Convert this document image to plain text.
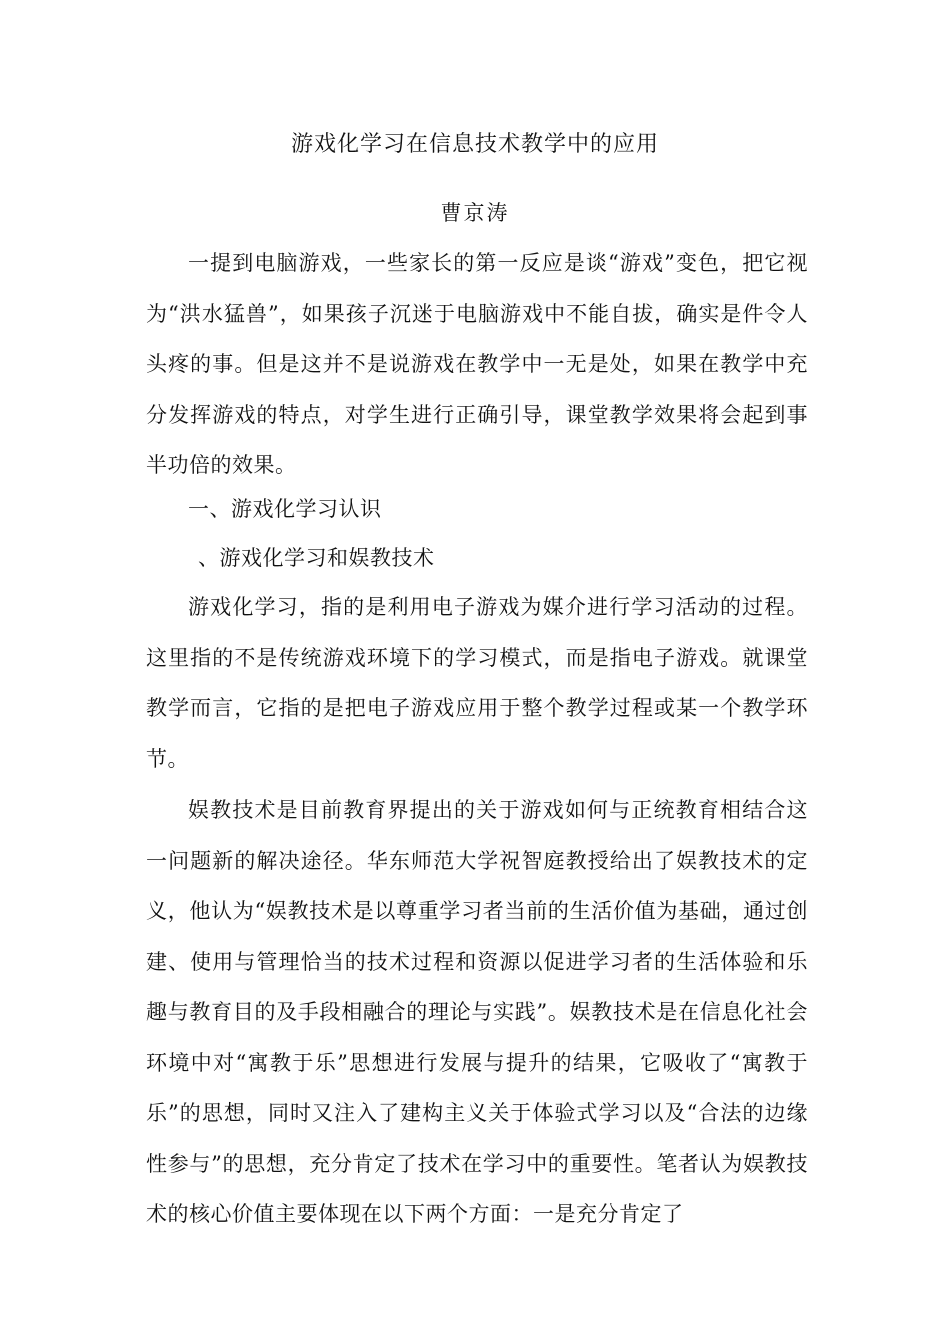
游戏化学习在信息技术教学中的应用
曹京涛

一提到电脑游戏，一些家长的第一反应是谈“游戏”变色，把它视为“洪水猛兽”，如果孩子沉迷于电脑游戏中不能自拔，确实是件令人头疼的事。但是这并不是说游戏在教学中一无是处，如果在教学中充分发挥游戏的特点，对学生进行正确引导，课堂教学效果将会起到事半功倍的效果。

一、游戏化学习认识
、游戏化学习和娱教技术

游戏化学习，指的是利用电子游戏为媒介进行学习活动的过程。这里指的不是传统游戏环境下的学习模式，而是指电子游戏。就课堂教学而言，它指的是把电子游戏应用于整个教学过程或某一个教学环节。

娱教技术是目前教育界提出的关于游戏如何与正统教育相结合这一问题新的解决途径。华东师范大学祝智庭教授给出了娱教技术的定义，他认为“娱教技术是以尊重学习者当前的生活价值为基础，通过创建、使用与管理恰当的技术过程和资源以促进学习者的生活体验和乐趣与教育目的及手段相融合的理论与实践”。娱教技术是在信息化社会环境中对“寓教于乐”思想进行发展与提升的结果，它吸收了“寓教于乐”的思想，同时又注入了建构主义关于体验式学习以及“合法的边缘性参与”的思想，充分肯定了技术在学习中的重要性。笔者认为娱教技术的核心价值主要体现在以下两个方面：一是充分肯定了
